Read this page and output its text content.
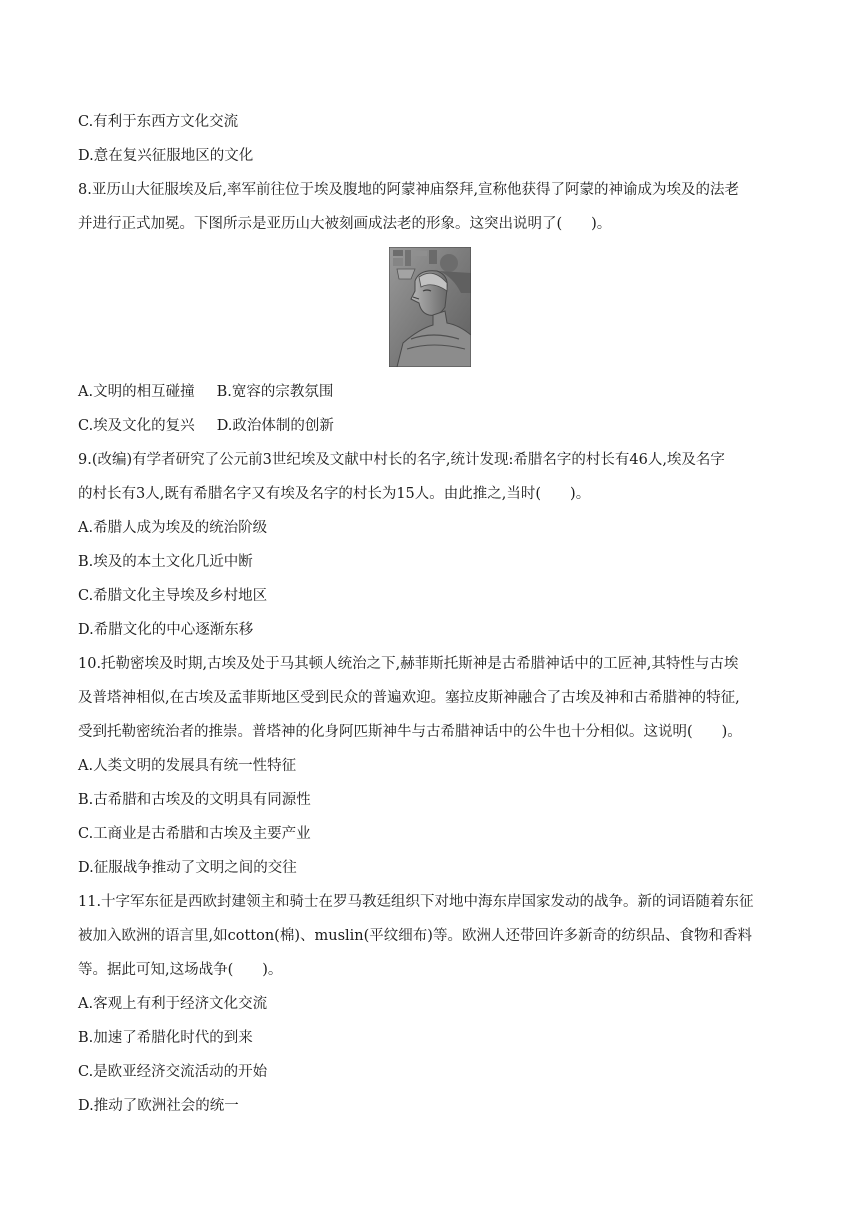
C.有利于东西方文化交流
D.意在复兴征服地区的文化
8.亚历山大征服埃及后,率军前往位于埃及腹地的阿蒙神庙祭拜,宣称他获得了阿蒙的神谕成为埃及的法老
并进行正式加冕。下图所示是亚历山大被刻画成法老的形象。这突出说明了(　　)。
A.文明的相互碰撞 B.宽容的宗教氛围
C.埃及文化的复兴 D.政治体制的创新
9.(改编)有学者研究了公元前3世纪埃及文献中村长的名字,统计发现:希腊名字的村长有46人,埃及名字
的村长有3人,既有希腊名字又有埃及名字的村长为15人。由此推之,当时(　　)。
A.希腊人成为埃及的统治阶级
B.埃及的本土文化几近中断
C.希腊文化主导埃及乡村地区
D.希腊文化的中心逐渐东移
10.托勒密埃及时期,古埃及处于马其顿人统治之下,赫菲斯托斯神是古希腊神话中的工匠神,其特性与古埃
及普塔神相似,在古埃及孟菲斯地区受到民众的普遍欢迎。塞拉皮斯神融合了古埃及神和古希腊神的特征,
受到托勒密统治者的推崇。普塔神的化身阿匹斯神牛与古希腊神话中的公牛也十分相似。这说明(　　)。
A.人类文明的发展具有统一性特征
B.古希腊和古埃及的文明具有同源性
C.工商业是古希腊和古埃及主要产业
D.征服战争推动了文明之间的交往
11.十字军东征是西欧封建领主和骑士在罗马教廷组织下对地中海东岸国家发动的战争。新的词语随着东征
被加入欧洲的语言里,如cotton(棉)、muslin(平纹细布)等。欧洲人还带回许多新奇的纺织品、食物和香料
等。据此可知,这场战争(　　)。
A.客观上有利于经济文化交流
B.加速了希腊化时代的到来
C.是欧亚经济交流活动的开始
D.推动了欧洲社会的统一
